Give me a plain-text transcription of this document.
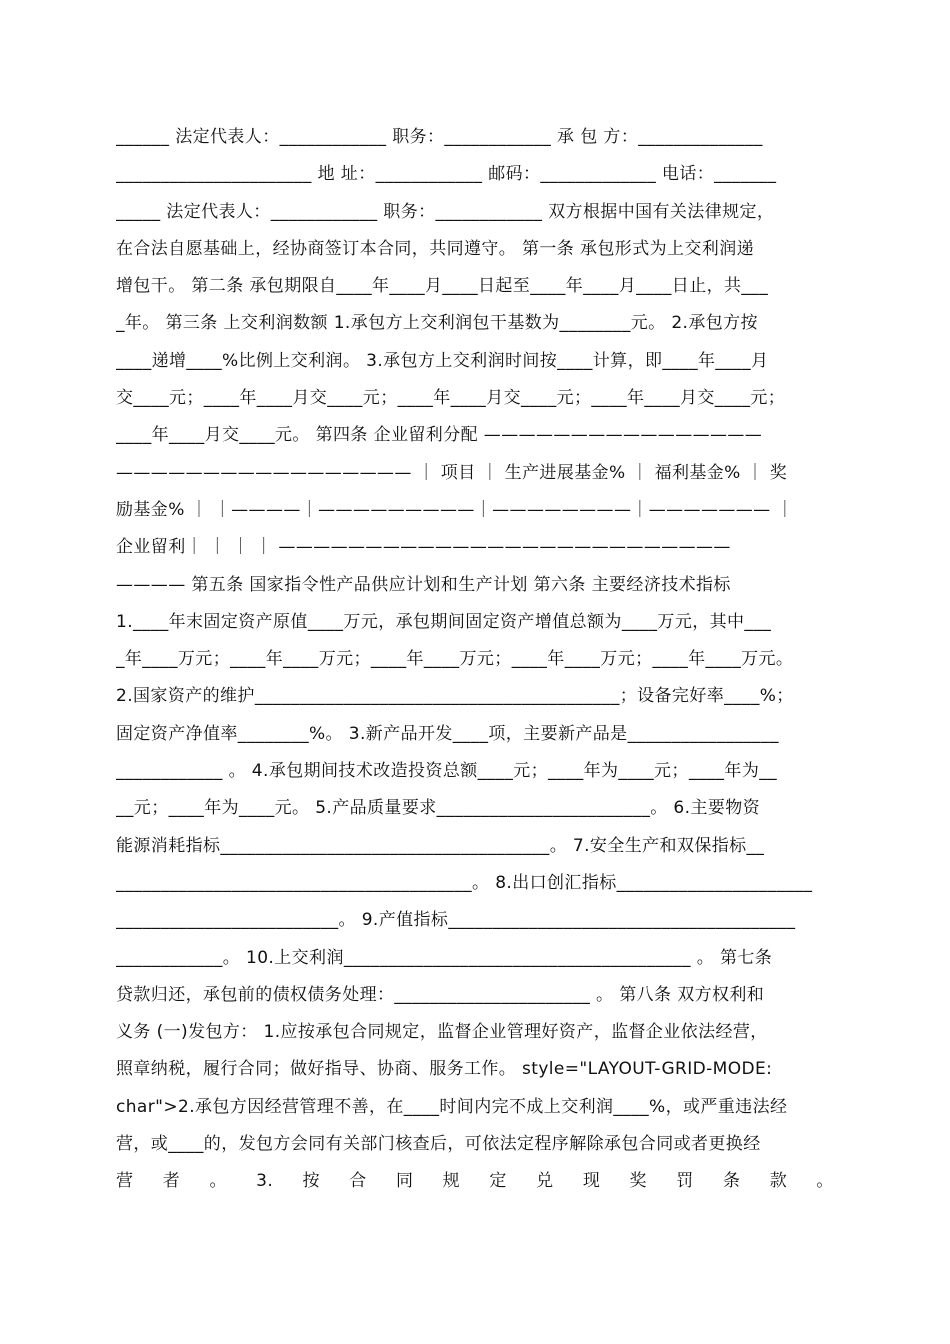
______ 法定代表人：____________ 职务：____________ 承 包 方：______________
______________________ 地 址：____________ 邮码：_____________ 电话：_______
_____ 法定代表人：____________ 职务：____________ 双方根据中国有关法律规定，
在合法自愿基础上，经协商签订本合同，共同遵守。 第一条 承包形式为上交利润递
增包干。 第二条 承包期限自____年____月____日起至____年____月____日止，共___
_年。 第三条 上交利润数额 1.承包方上交利润包干基数为________元。 2.承包方按
____递增____%比例上交利润。 3.承包方上交利润时间按____计算，即____年____月
交____元；____年____月交____元；____年____月交____元；____年____月交____元；
____年____月交____元。 第四条 企业留利分配 ————————————————
————————————————— ｜ 项目 ｜ 生产进展基金% ｜ 福利基金% ｜ 奖
励基金% ｜ ｜————｜—————————｜————————｜——————— ｜
企业留利｜ ｜ ｜ ｜ ——————————————————————————
———— 第五条 国家指令性产品供应计划和生产计划 第六条 主要经济技术指标
1.____年末固定资产原值____万元，承包期间固定资产增值总额为____万元，其中___
_年____万元；____年____万元；____年____万元；____年____万元；____年____万元。
2.国家资产的维护_________________________________________；设备完好率____%；
固定资产净值率________%。 3.新产品开发____项，主要新产品是_________________
____________ 。 4.承包期间技术改造投资总额____元；____年为____元；____年为__
__元；____年为____元。 5.产品质量要求________________________。 6.主要物资
能源消耗指标_____________________________________。 7.安全生产和双保指标__
________________________________________。 8.出口创汇指标______________________
_________________________。 9.产值指标_______________________________________
____________。 10.上交利润_______________________________________ 。 第七条
贷款归还，承包前的债权债务处理：______________________ 。 第八条 双方权利和
义务 (一)发包方： 1.应按承包合同规定，监督企业管理好资产，监督企业依法经营，
照章纳税，履行合同；做好指导、协商、服务工作。 style="LAYOUT-GRID-MODE:
char">2.承包方因经营管理不善，在____时间内完不成上交利润____%，或严重违法经
营，或____的，发包方会同有关部门核查后，可依法定程序解除承包合同或者更换经
营 者 。 3. 按 合 同 规 定 兑 现 奖 罚 条 款 。
